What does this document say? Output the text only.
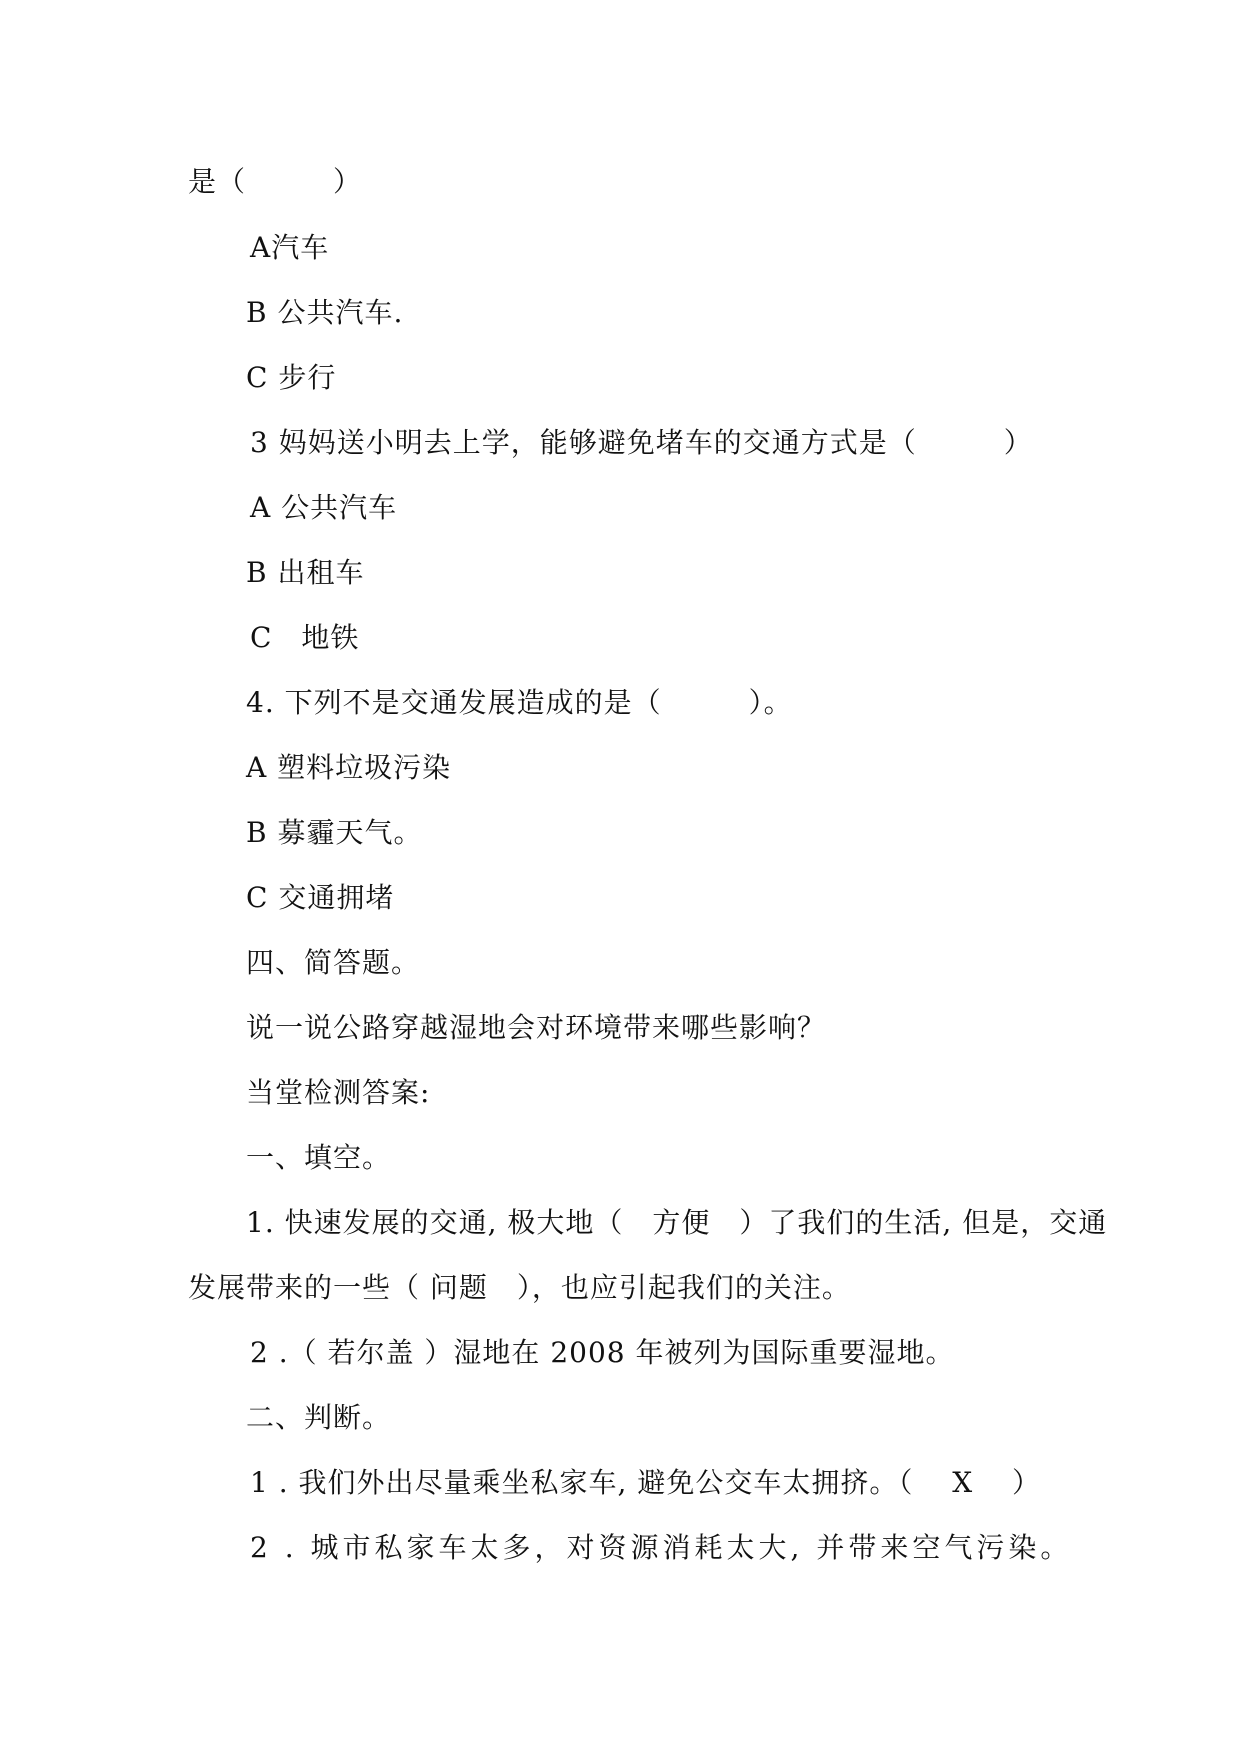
是（　　　）
A汽车
B 公共汽车.
C 步行
3 妈妈送小明去上学，能够避免堵车的交通方式是（　　　）
A 公共汽车
B 出租车
C　地铁
4. 下列不是交通发展造成的是（　　　）。
A 塑料垃圾污染
B 募霾天气。
C 交通拥堵
四、简答题。
说一说公路穿越湿地会对环境带来哪些影响？
当堂检测答案:
一、填空。
1. 快速发展的交通, 极大地（　方便　）了我们的生活, 但是，交通
发展带来的一些（ 问题　），也应引起我们的关注。
2 .（ 若尔盖 ）湿地在 2008 年被列为国际重要湿地。
二、判断。
1 . 我们外出尽量乘坐私家车, 避免公交车太拥挤。（　 X　 ）
2 . 城市私家车太多，对资源消耗太大, 并带来空气污染。
